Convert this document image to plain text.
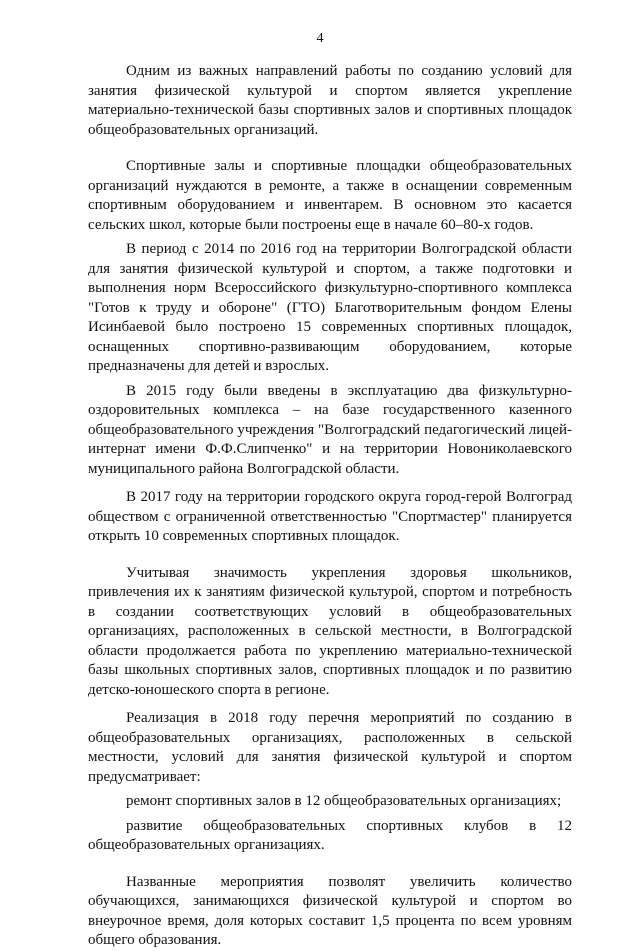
4

Одним из важных направлений работы по созданию условий для занятия физической культурой и спортом является укрепление материально-технической базы спортивных залов и спортивных площадок общеобразовательных организаций.

Спортивные залы и спортивные площадки общеобразовательных организаций нуждаются в ремонте, а также в оснащении современным спортивным оборудованием и инвентарем. В основном это касается сельских школ, которые были построены еще в начале 60–80-х годов.

В период с 2014 по 2016 год на территории Волгоградской области для занятия физической культурой и спортом, а также подготовки и выполнения норм Всероссийского физкультурно-спортивного комплекса "Готов к труду и обороне" (ГТО) Благотворительным фондом Елены Исинбаевой было построено 15 современных спортивных площадок, оснащенных спортивно-развивающим оборудованием, которые предназначены для детей и взрослых.

В 2015 году были введены в эксплуатацию два физкультурно-оздоровительных комплекса – на базе государственного казенного общеобразовательного учреждения "Волгоградский педагогический лицей-интернат имени Ф.Ф.Слипченко" и на территории Новониколаевского муниципального района Волгоградской области.

В 2017 году на территории городского округа город-герой Волгоград обществом с ограниченной ответственностью "Спортмастер" планируется открыть 10 современных спортивных площадок.

Учитывая значимость укрепления здоровья школьников, привлечения их к занятиям физической культурой, спортом и потребность в создании соответствующих условий в общеобразовательных организациях, расположенных в сельской местности, в Волгоградской области продолжается работа по укреплению материально-технической базы школьных спортивных залов, спортивных площадок и по развитию детско-юношеского спорта в регионе.

Реализация в 2018 году перечня мероприятий по созданию в общеобразовательных организациях, расположенных в сельской местности, условий для занятия физической культурой и спортом предусматривает:

ремонт спортивных залов в 12 общеобразовательных организациях;

развитие общеобразовательных спортивных клубов в 12 общеобразовательных организациях.

Названные мероприятия позволят увеличить количество обучающихся, занимающихся физической культурой и спортом во внеурочное время, доля которых составит 1,5 процента по всем уровням общего образования.
